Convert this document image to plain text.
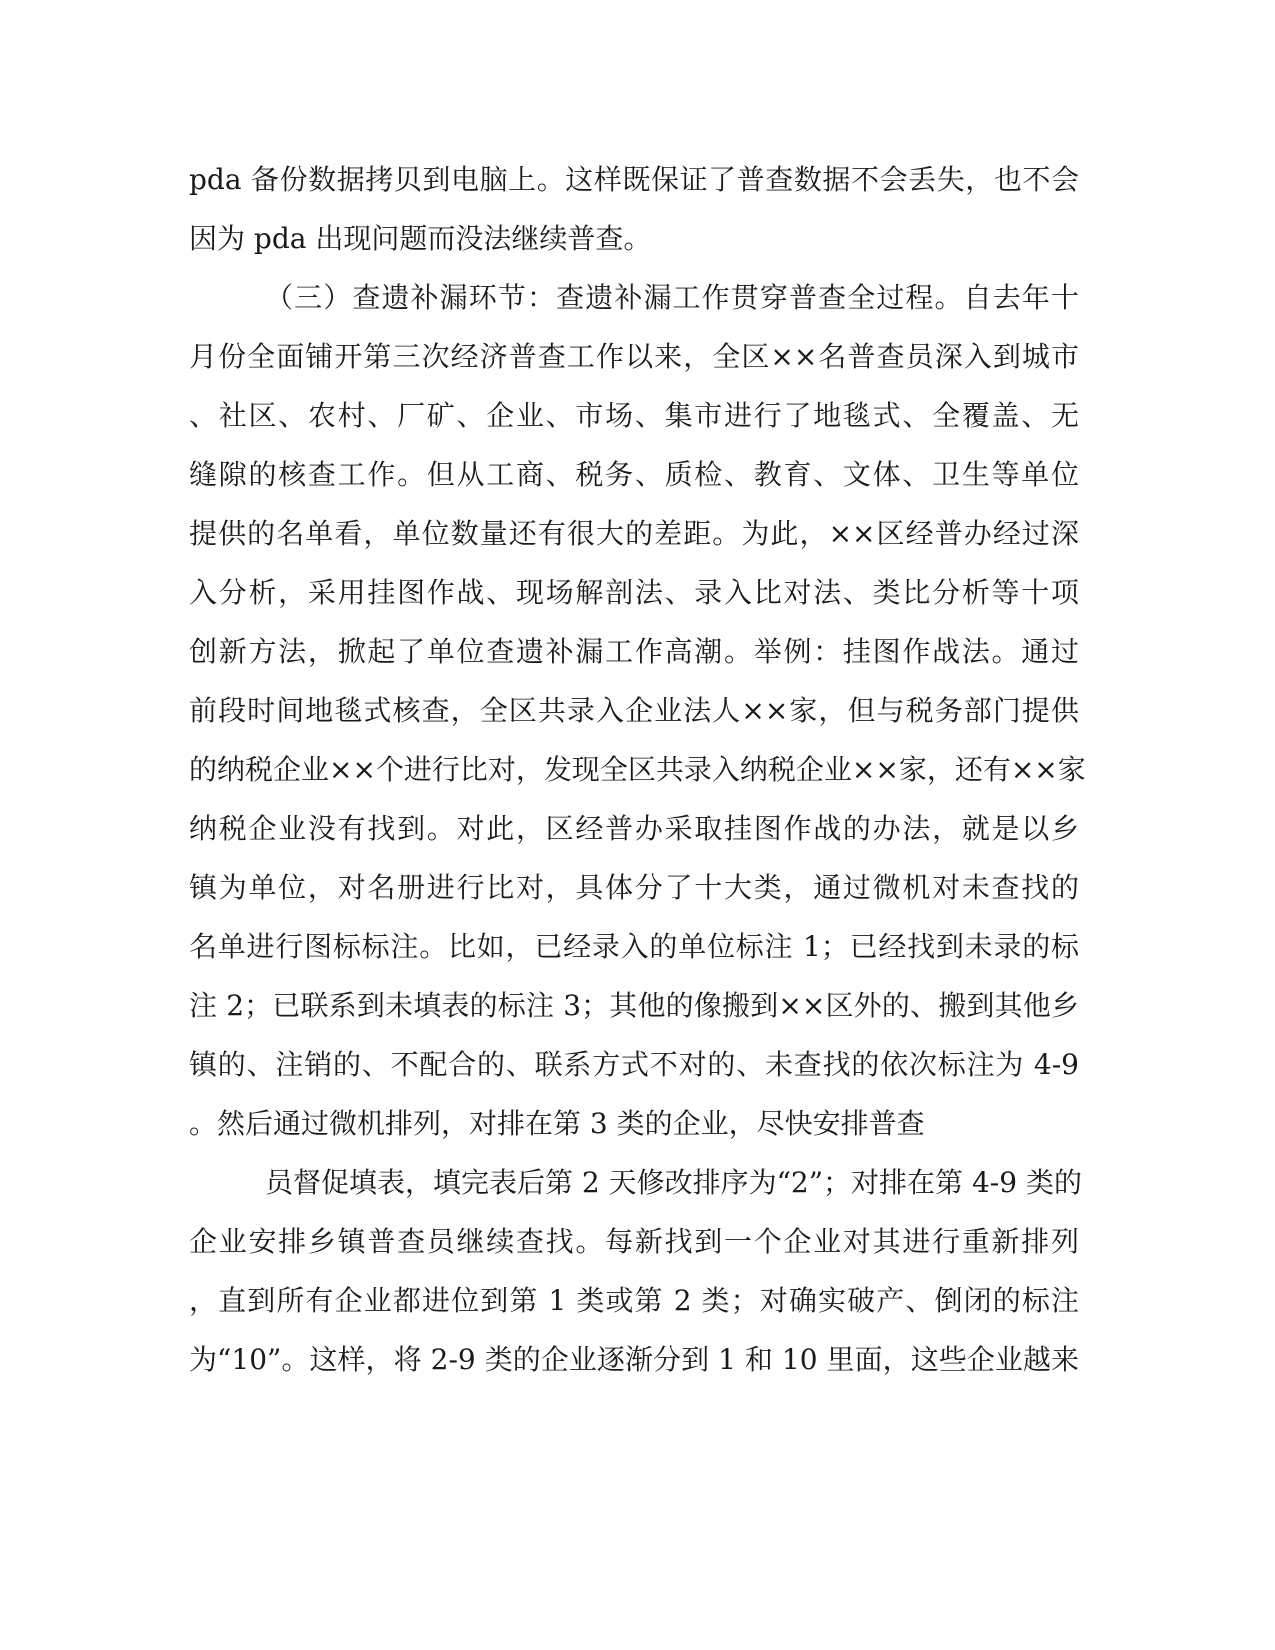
pda 备份数据拷贝到电脑上。这样既保证了普查数据不会丢失，也不会
因为 pda 出现问题而没法继续普查。
（三）查遗补漏环节：查遗补漏工作贯穿普查全过程。自去年十
月份全面铺开第三次经济普查工作以来，全区××名普查员深入到城市
、社区、农村、厂矿、企业、市场、集市进行了地毯式、全覆盖、无
缝隙的核查工作。但从工商、税务、质检、教育、文体、卫生等单位
提供的名单看，单位数量还有很大的差距。为此，××区经普办经过深
入分析，采用挂图作战、现场解剖法、录入比对法、类比分析等十项
创新方法，掀起了单位查遗补漏工作高潮。举例：挂图作战法。通过
前段时间地毯式核查，全区共录入企业法人××家，但与税务部门提供
的纳税企业××个进行比对，发现全区共录入纳税企业××家，还有××家
纳税企业没有找到。对此，区经普办采取挂图作战的办法，就是以乡
镇为单位，对名册进行比对，具体分了十大类，通过微机对未查找的
名单进行图标标注。比如，已经录入的单位标注 1；已经找到未录的标
注 2；已联系到未填表的标注 3；其他的像搬到××区外的、搬到其他乡
镇的、注销的、不配合的、联系方式不对的、未查找的依次标注为 4-9
。然后通过微机排列，对排在第 3 类的企业，尽快安排普查
员督促填表，填完表后第 2 天修改排序为“2”；对排在第 4-9 类的
企业安排乡镇普查员继续查找。每新找到一个企业对其进行重新排列
，直到所有企业都进位到第 1 类或第 2 类；对确实破产、倒闭的标注
为“10”。这样，将 2-9 类的企业逐渐分到 1 和 10 里面，这些企业越来
